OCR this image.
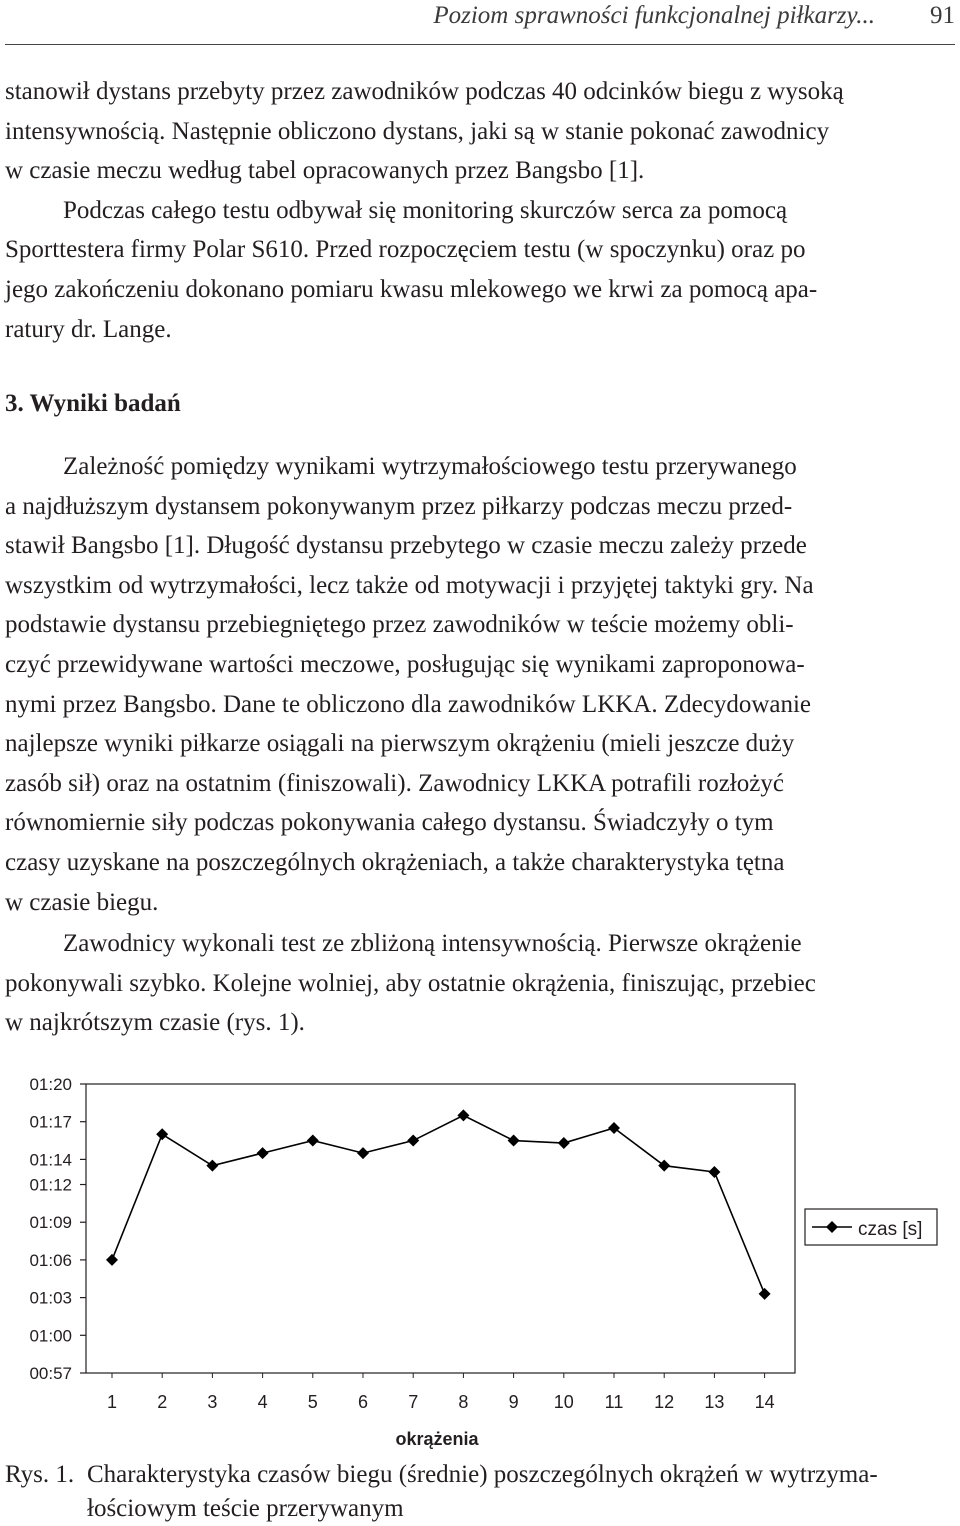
Poziom sprawności funkcjonalnej piłkarzy... 91
stanowił dystans przebyty przez zawodników podczas 40 odcinków biegu z wysoką
intensywnością. Następnie obliczono dystans, jaki są w stanie pokonać zawodnicy
w czasie meczu według tabel opracowanych przez Bangsbo [1].
Podczas całego testu odbywał się monitoring skurczów serca za pomocą
Sporttestera firmy Polar S610. Przed rozpoczęciem testu (w spoczynku) oraz po
jego zakończeniu dokonano pomiaru kwasu mlekowego we krwi za pomocą apa-
ratury dr. Lange.
3. Wyniki badań
Zależność pomiędzy wynikami wytrzymałościowego testu przerywanego
a najdłuższym dystansem pokonywanym przez piłkarzy podczas meczu przed-
stawił Bangsbo [1]. Długość dystansu przebytego w czasie meczu zależy przede
wszystkim od wytrzymałości, lecz także od motywacji i przyjętej taktyki gry. Na
podstawie dystansu przebiegniętego przez zawodników w teście możemy obli-
czyć przewidywane wartości meczowe, posługując się wynikami zaproponowa-
nymi przez Bangsbo. Dane te obliczono dla zawodników LKKA. Zdecydowanie
najlepsze wyniki piłkarze osiągali na pierwszym okrążeniu (mieli jeszcze duży
zasób sił) oraz na ostatnim (finiszowali). Zawodnicy LKKA potrafili rozłożyć
równomiernie siły podczas pokonywania całego dystansu. Świadczyły o tym
czasy uzyskane na poszczególnych okrążeniach, a także charakterystyka tętna
w czasie biegu.
Zawodnicy wykonali test ze zbliżoną intensywnością. Pierwsze okrążenie
pokonywali szybko. Kolejne wolniej, aby ostatnie okrążenia, finiszując, przebiec
w najkrótszym czasie (rys. 1).
00:57
01:00
01:03
01:06
01:09
01:12
01:14
01:17
01:20
1 2 3 4 5 6 7 8 9 10 11 12 13 14
okrążenia
czas [s]
Rys. 1. Charakterystyka czasów biegu (średnie) poszczególnych okrążeń w wytrzyma-
łościowym teście przerywanym
